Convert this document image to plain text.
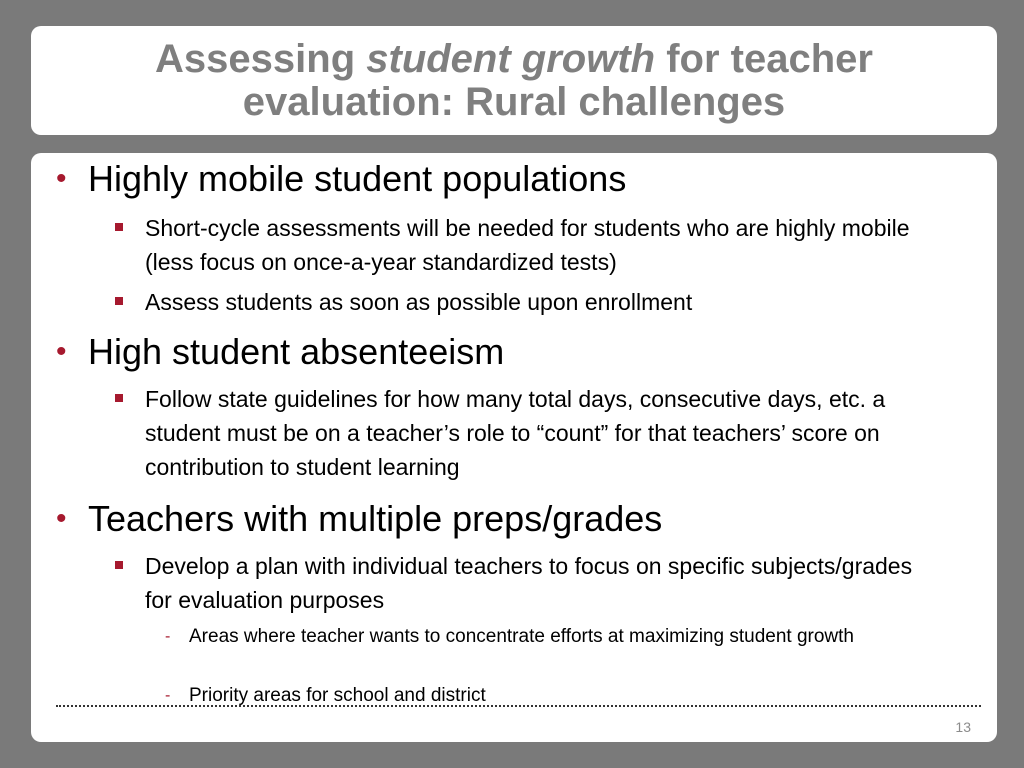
Assessing student growth for teacher
evaluation: Rural challenges
• Highly mobile student populations
Short-cycle assessments will be needed for students who are highly mobile (less focus on once-a-year standardized tests)
Assess students as soon as possible upon enrollment
• High student absenteeism
Follow state guidelines for how many total days, consecutive days, etc. a student must be on a teacher’s role to “count” for that teachers’ score on contribution to student learning
• Teachers with multiple preps/grades
Develop a plan with individual teachers to focus on specific subjects/grades for evaluation purposes
- Areas where teacher wants to concentrate efforts at maximizing student growth
- Priority areas for school and district
13
